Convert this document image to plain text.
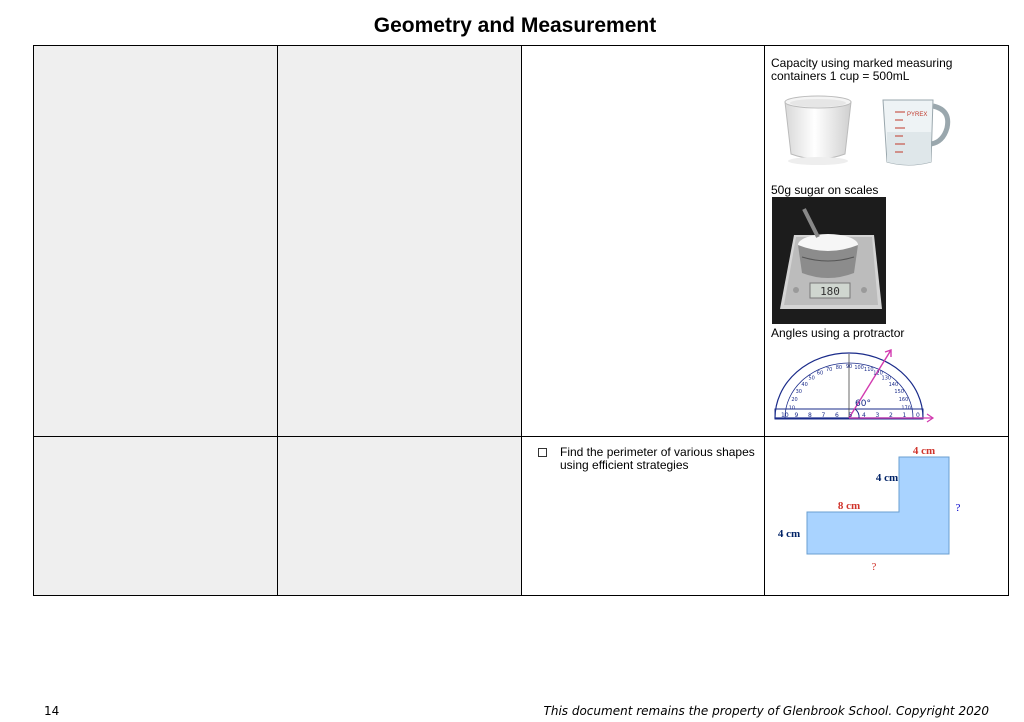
Geometry and Measurement
Capacity using marked measuring containers 1 cup = 500mL
PYREX
50g sugar on scales
180
Angles using a protractor
60°
10
20
30
40
50
60
70 80 90 100 110
120
130
140
150
160
170
10 9 8 7 6 5 4 3 2 1 0
Find the perimeter of various shapes using efficient strategies
4 cm
4 cm
8 cm
4 cm
?
?
14	This document remains the property of Glenbrook School. Copyright 2020
